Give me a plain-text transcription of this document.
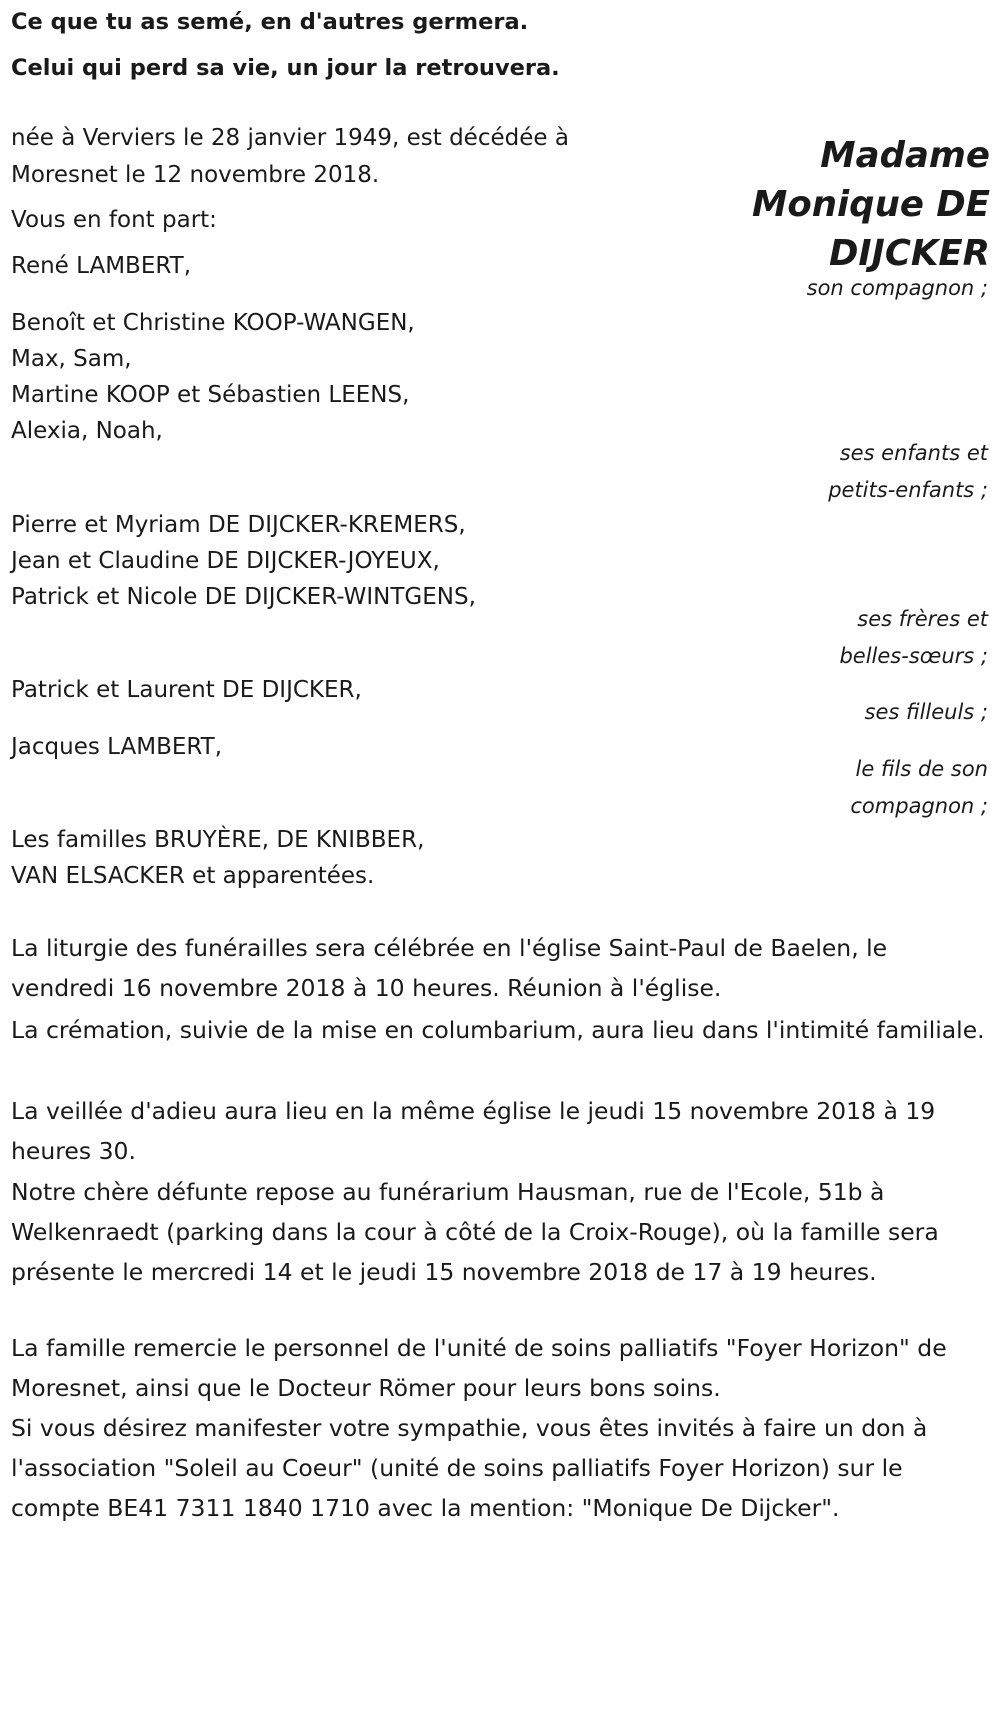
Ce que tu as semé, en d'autres germera.
Celui qui perd sa vie, un jour la retrouvera.
Madame
Monique DE
DIJCKER
née à Verviers le 28 janvier 1949, est décédée à
Moresnet le 12 novembre 2018.
Vous en font part:
René LAMBERT,
son compagnon ;
Benoît et Christine KOOP-WANGEN,
Max, Sam,
Martine KOOP et Sébastien LEENS,
Alexia, Noah,
ses enfants et
petits-enfants ;
Pierre et Myriam DE DIJCKER-KREMERS,
Jean et Claudine DE DIJCKER-JOYEUX,
Patrick et Nicole DE DIJCKER-WINTGENS,
ses frères et
belles-sœurs ;
Patrick et Laurent DE DIJCKER,
ses filleuls ;
Jacques LAMBERT,
le fils de son
compagnon ;
Les familles BRUYÈRE, DE KNIBBER,
VAN ELSACKER et apparentées.
La liturgie des funérailles sera célébrée en l'église Saint-Paul de Baelen, le vendredi 16 novembre 2018 à 10 heures. Réunion à l'église.
La crémation, suivie de la mise en columbarium, aura lieu dans l'intimité familiale.
La veillée d'adieu aura lieu en la même église le jeudi 15 novembre 2018 à 19 heures 30.
Notre chère défunte repose au funérarium Hausman, rue de l'Ecole, 51b à Welkenraedt (parking dans la cour à côté de la Croix-Rouge), où la famille sera présente le mercredi 14 et le jeudi 15 novembre 2018 de 17 à 19 heures.
La famille remercie le personnel de l'unité de soins palliatifs "Foyer Horizon" de Moresnet, ainsi que le Docteur Römer pour leurs bons soins.
Si vous désirez manifester votre sympathie, vous êtes invités à faire un don à l'association "Soleil au Coeur" (unité de soins palliatifs Foyer Horizon) sur le compte BE41 7311 1840 1710 avec la mention: "Monique De Dijcker".
